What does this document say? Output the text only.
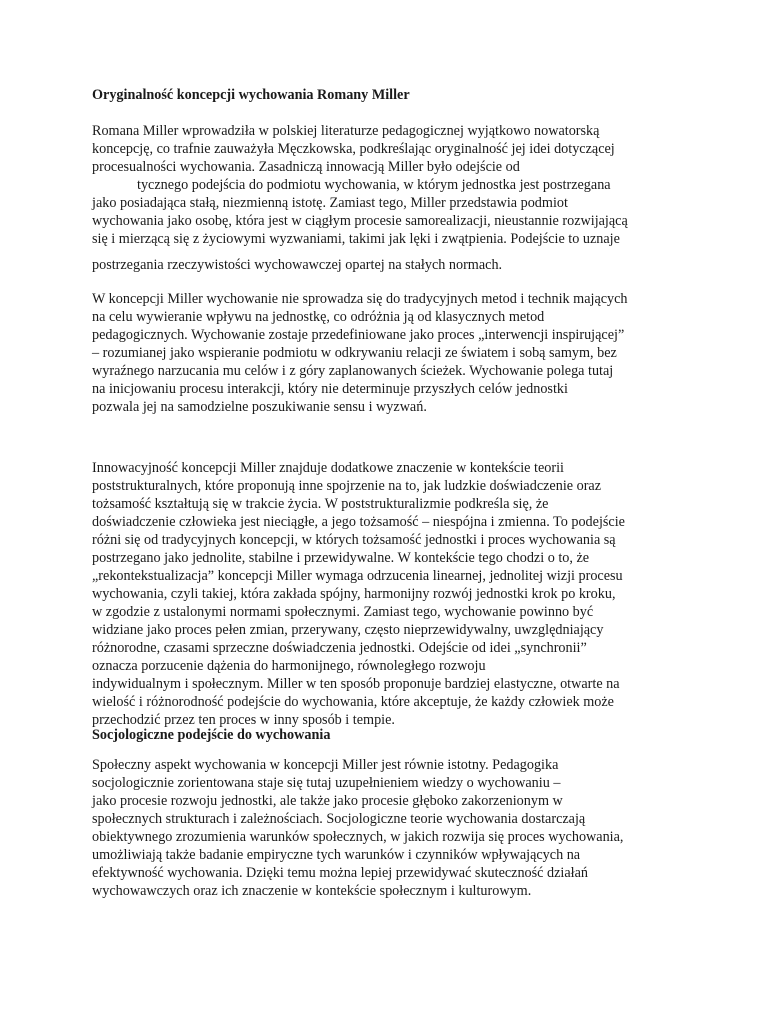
Oryginalność koncepcji wychowania Romany Miller
Romana Miller wprowadziła w polskiej literaturze pedagogicznej wyjątkowo nowatorską
koncepcję, co trafnie zauważyła Męczkowska, podkreślając oryginalność jej idei dotyczącej
procesualności wychowania. Zasadniczą innowacją Miller było odejście od
tycznego podejścia do podmiotu wychowania, w którym jednostka jest postrzegana
jako posiadająca stałą, niezmienną istotę. Zamiast tego, Miller przedstawia podmiot
wychowania jako osobę, która jest w ciągłym procesie samorealizacji, nieustannie rozwijającą
się i mierzącą się z życiowymi wyzwaniami, takimi jak lęki i zwątpienia. Podejście to uznaje
postrzegania rzeczywistości wychowawczej opartej na stałych normach.
W koncepcji Miller wychowanie nie sprowadza się do tradycyjnych metod i technik mających
na celu wywieranie wpływu na jednostkę, co odróżnia ją od klasycznych metod
pedagogicznych. Wychowanie zostaje przedefiniowane jako proces „interwencji inspirującej”
– rozumianej jako wspieranie podmiotu w odkrywaniu relacji ze światem i sobą samym, bez
wyraźnego narzucania mu celów i z góry zaplanowanych ścieżek. Wychowanie polega tutaj
na inicjowaniu procesu interakcji, który nie determinuje przyszłych celów jednostki
pozwala jej na samodzielne poszukiwanie sensu i wyzwań.
Innowacyjność koncepcji Miller znajduje dodatkowe znaczenie w kontekście teorii
poststrukturalnych, które proponują inne spojrzenie na to, jak ludzkie doświadczenie oraz
tożsamość kształtują się w trakcie życia. W poststrukturalizmie podkreśla się, że
doświadczenie człowieka jest nieciągłe, a jego tożsamość – niespójna i zmienna. To podejście
różni się od tradycyjnych koncepcji, w których tożsamość jednostki i proces wychowania są
postrzegano jako jednolite, stabilne i przewidywalne. W kontekście tego chodzi o to, że
„rekontekstualizacja” koncepcji Miller wymaga odrzucenia linearnej, jednolitej wizji procesu
wychowania, czyli takiej, która zakłada spójny, harmonijny rozwój jednostki krok po kroku,
w zgodzie z ustalonymi normami społecznymi. Zamiast tego, wychowanie powinno być
widziane jako proces pełen zmian, przerywany, często nieprzewidywalny, uwzględniający
różnorodne, czasami sprzeczne doświadczenia jednostki. Odejście od idei „synchronii”
oznacza porzucenie dążenia do harmonijnego, równoległego rozwoju
indywidualnym i społecznym. Miller w ten sposób proponuje bardziej elastyczne, otwarte na
wielość i różnorodność podejście do wychowania, które akceptuje, że każdy człowiek może
przechodzić przez ten proces w inny sposób i tempie.
Socjologiczne podejście do wychowania
Społeczny aspekt wychowania w koncepcji Miller jest równie istotny. Pedagogika
socjologicznie zorientowana staje się tutaj uzupełnieniem wiedzy o wychowaniu –
jako procesie rozwoju jednostki, ale także jako procesie głęboko zakorzenionym w
społecznych strukturach i zależnościach. Socjologiczne teorie wychowania dostarczają
obiektywnego zrozumienia warunków społecznych, w jakich rozwija się proces wychowania,
umożliwiają także badanie empiryczne tych warunków i czynników wpływających na
efektywność wychowania. Dzięki temu można lepiej przewidywać skuteczność działań
wychowawczych oraz ich znaczenie w kontekście społecznym i kulturowym.
